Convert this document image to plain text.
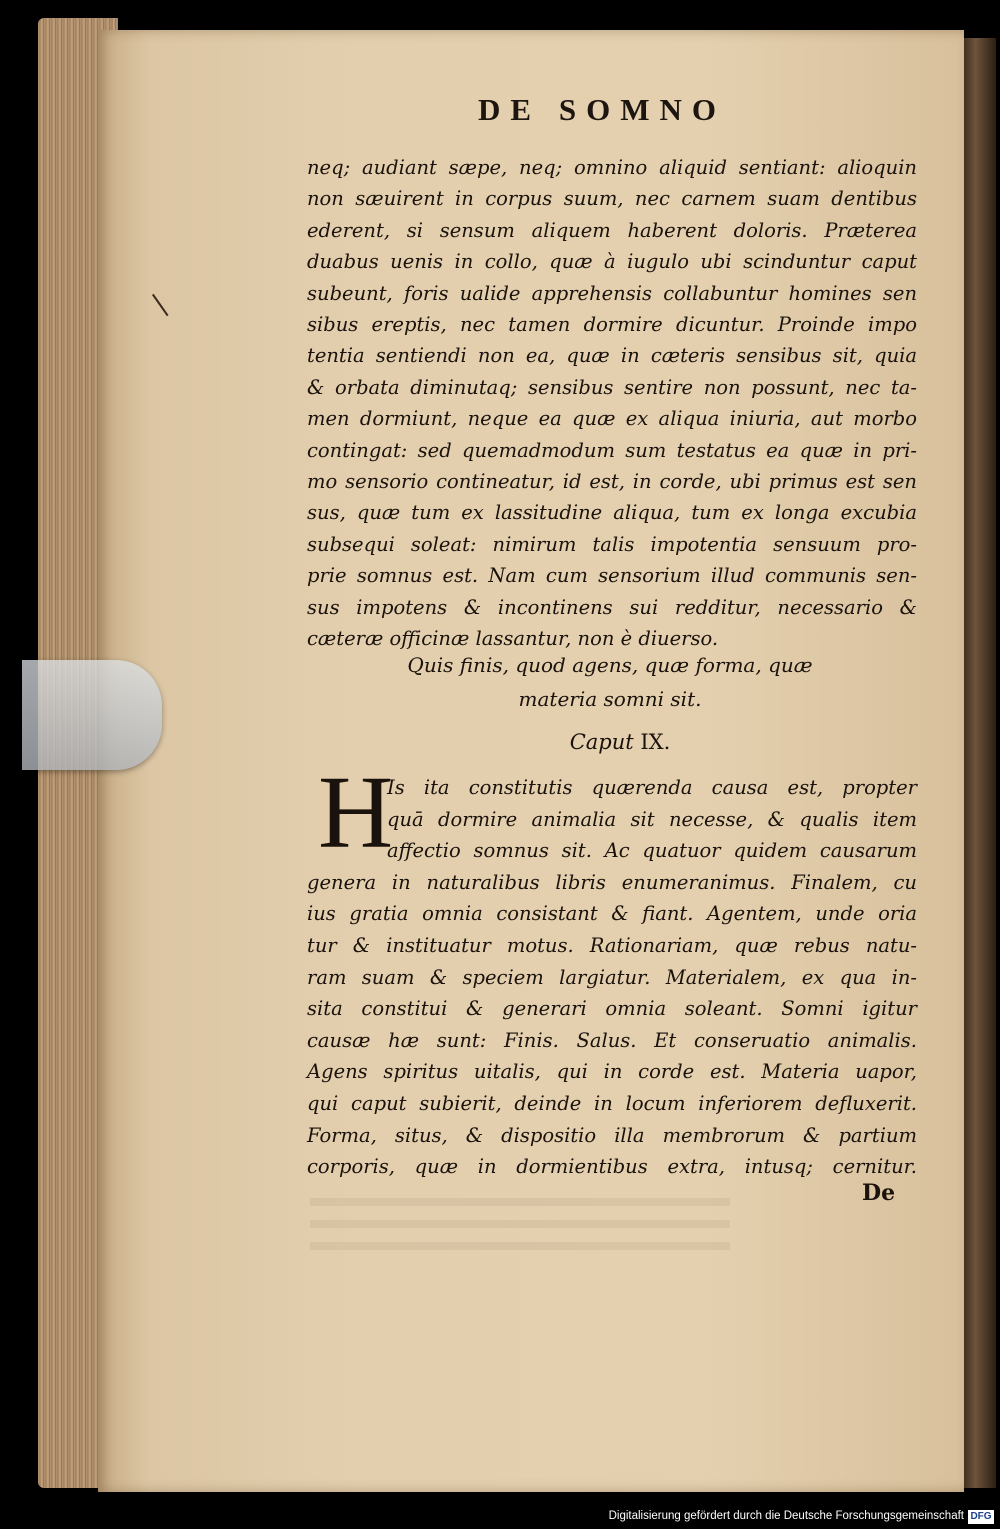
DE SOMNO
neq; audiant sæpe, neq; omnino aliquid sentiant: alioquin
non sæuirent in corpus suum, nec carnem suam dentibus
ederent, si sensum aliquem haberent doloris. Præterea
duabus uenis in collo, quæ à iugulo ubi scinduntur caput
subeunt, foris ualide apprehensis collabuntur homines sen
sibus ereptis, nec tamen dormire dicuntur. Proinde impo
tentia sentiendi non ea, quæ in cæteris sensibus sit, quia
& orbata diminutaq; sensibus sentire non possunt, nec ta-
men dormiunt, neque ea quæ ex aliqua iniuria, aut morbo
contingat: sed quemadmodum sum testatus ea quæ in pri-
mo sensorio contineatur, id est, in corde, ubi primus est sen
sus, quæ tum ex lassitudine aliqua, tum ex longa excubia
subsequi soleat: nimirum talis impotentia sensuum pro-
prie somnus est. Nam cum sensorium illud communis sen-
sus impotens & incontinens sui redditur, necessario &
cæteræ officinæ lassantur, non è diuerso.
Quis finis, quod agens, quæ forma, quæ
materia somni sit.
Caput IX.
H
Is ita constitutis quærenda causa est, propter
quā dormire animalia sit necesse, & qualis item
affectio somnus sit. Ac quatuor quidem causarum
genera in naturalibus libris enumeranimus. Finalem, cu
ius gratia omnia consistant & fiant. Agentem, unde oria
tur & instituatur motus. Rationariam, quæ rebus natu-
ram suam & speciem largiatur. Materialem, ex qua in-
sita constitui & generari omnia soleant. Somni igitur
causæ hæ sunt: Finis. Salus. Et conseruatio animalis.
Agens spiritus uitalis, qui in corde est. Materia uapor,
qui caput subierit, deinde in locum inferiorem defluxerit.
Forma, situs, & dispositio illa membrorum & partium
corporis, quæ in dormientibus extra, intusq; cernitur.
De
Digitalisierung gefördert durch die Deutsche Forschungsgemeinschaft DFG
